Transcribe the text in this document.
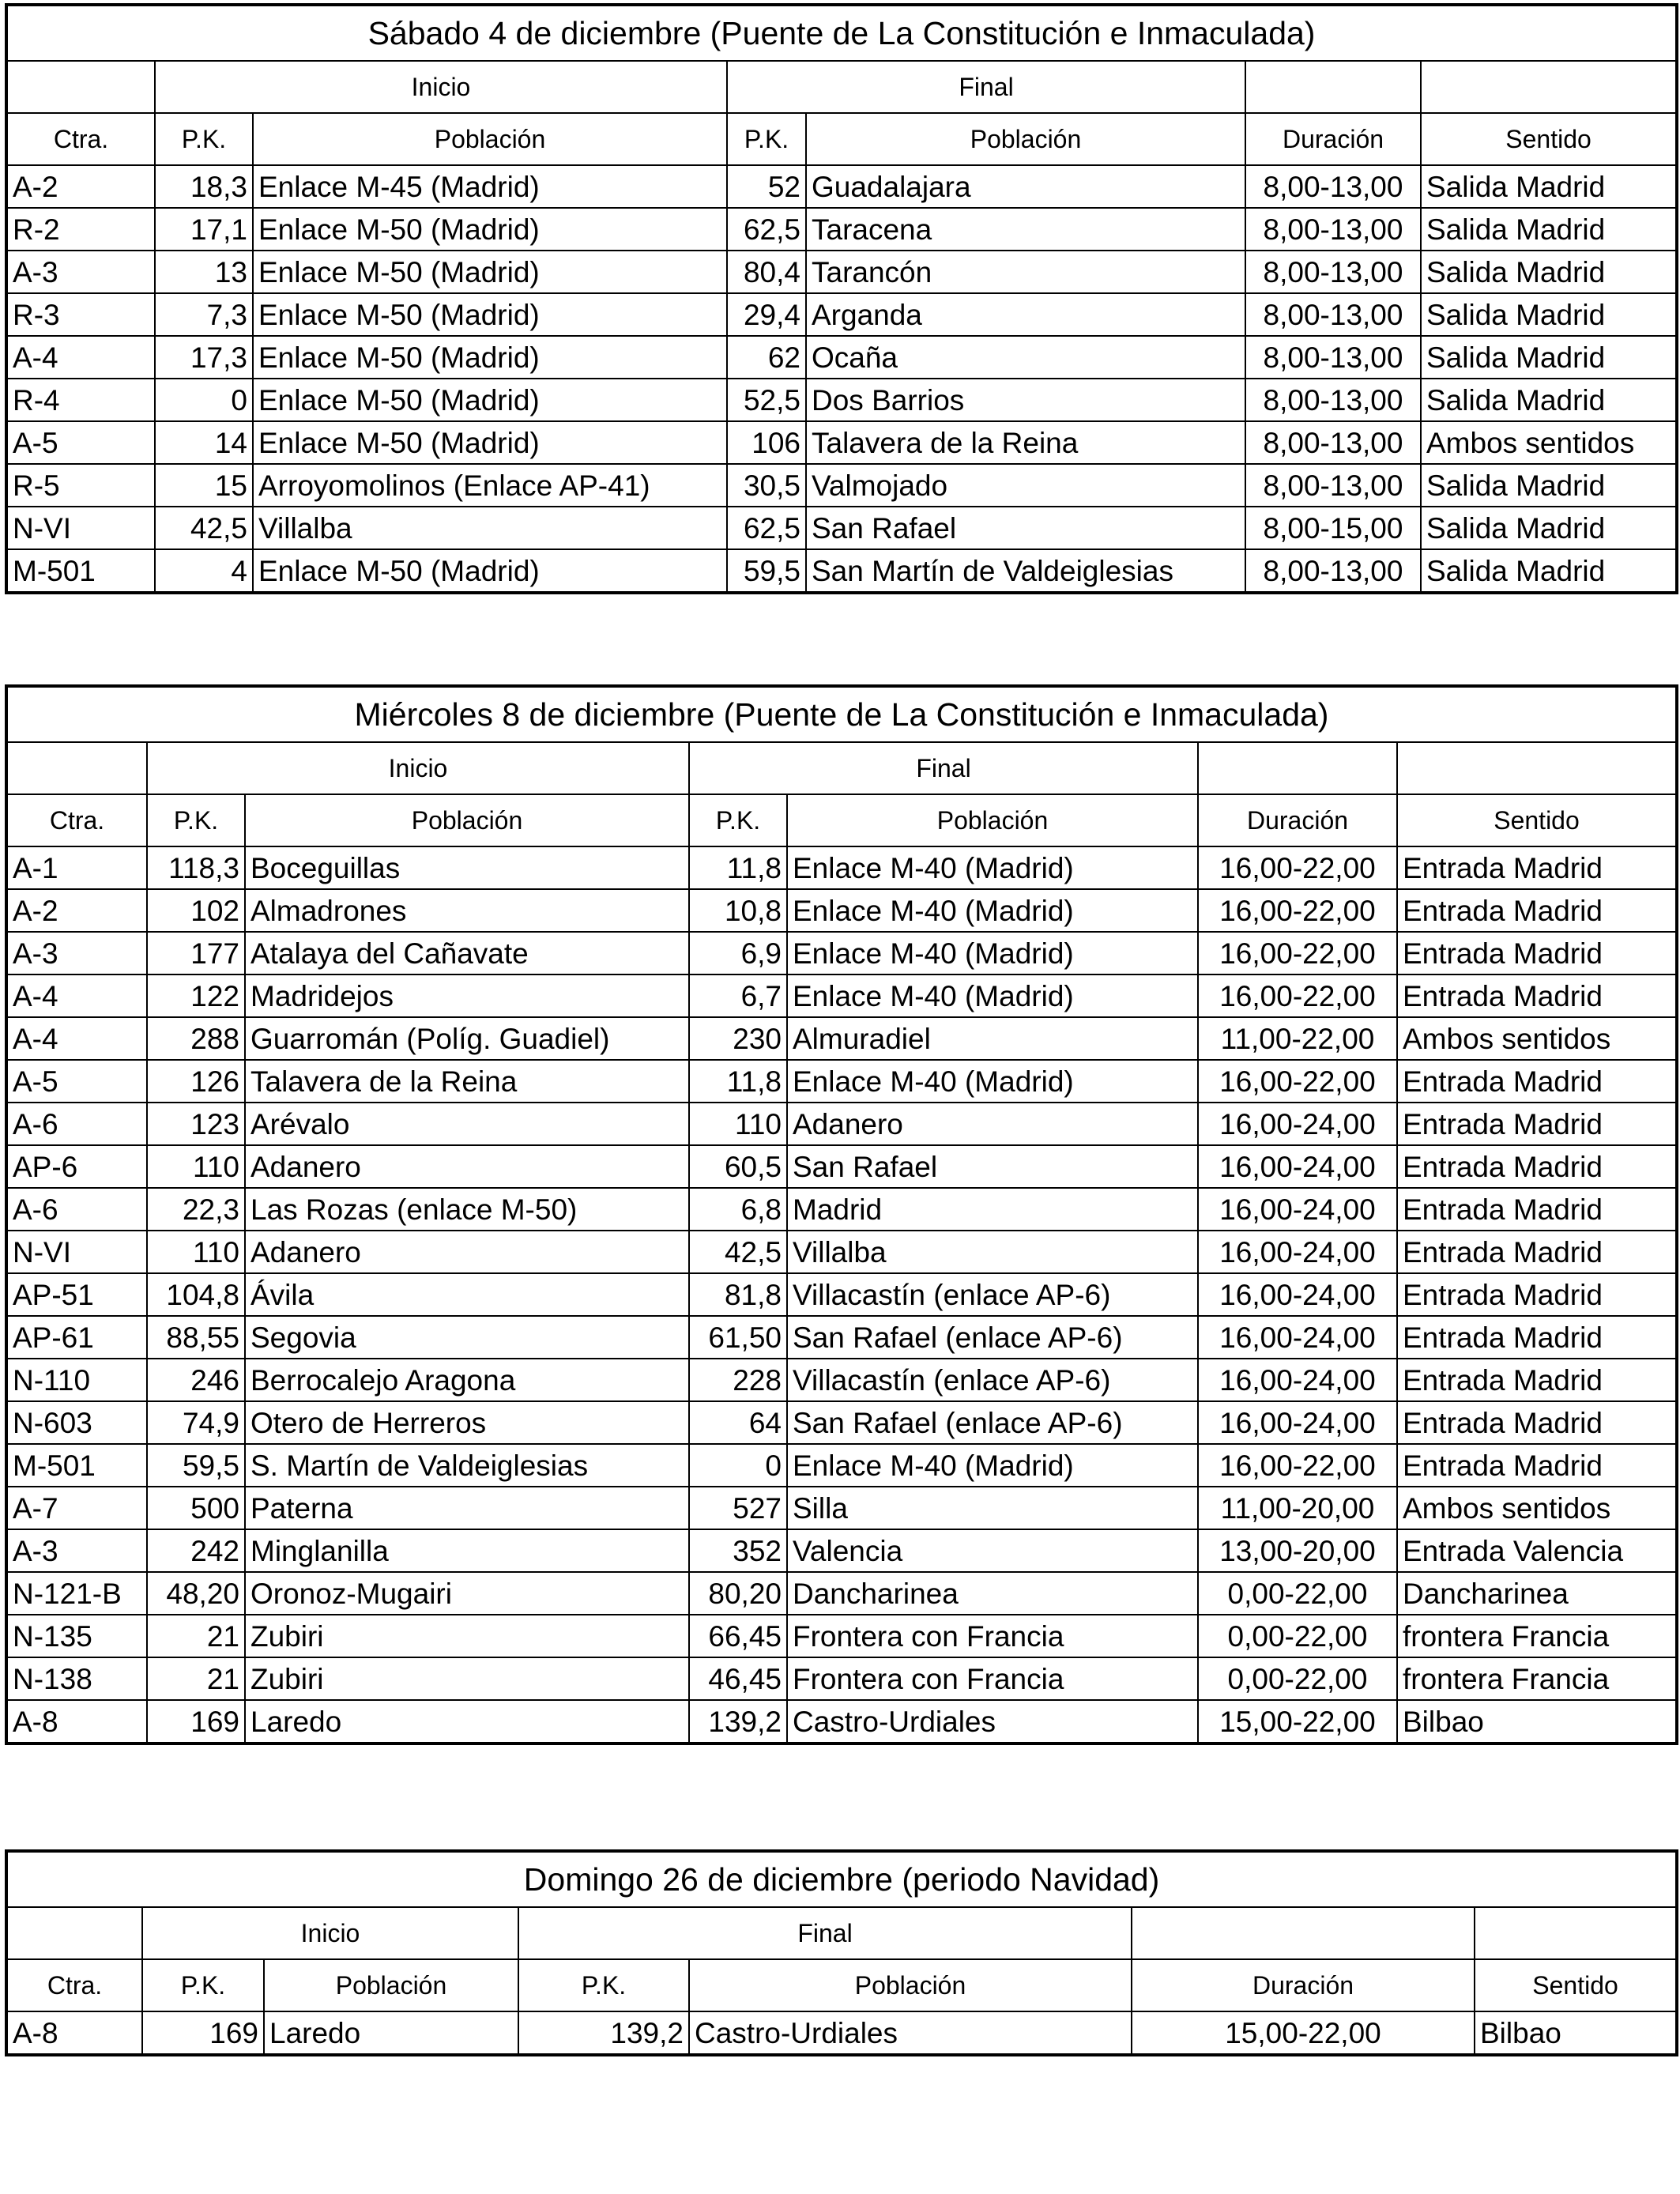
Sábado 4 de diciembre (Puente de La Constitución e Inmaculada)						
	Inicio		Final			
Ctra.	P.K.	Población	P.K.	Población	Duración	Sentido
A-2	18,3	Enlace M-45 (Madrid)	52	Guadalajara	8,00-13,00	Salida Madrid
R-2	17,1	Enlace M-50 (Madrid)	62,5	Taracena	8,00-13,00	Salida Madrid
A-3	13	Enlace M-50 (Madrid)	80,4	Tarancón	8,00-13,00	Salida Madrid
R-3	7,3	Enlace M-50 (Madrid)	29,4	Arganda	8,00-13,00	Salida Madrid
A-4	17,3	Enlace M-50 (Madrid)	62	Ocaña	8,00-13,00	Salida Madrid
R-4	0	Enlace M-50 (Madrid)	52,5	Dos Barrios	8,00-13,00	Salida Madrid
A-5	14	Enlace M-50 (Madrid)	106	Talavera de la Reina	8,00-13,00	Ambos sentidos
R-5	15	Arroyomolinos (Enlace AP-41)	30,5	Valmojado	8,00-13,00	Salida Madrid
N-VI	42,5	Villalba	62,5	San Rafael	8,00-15,00	Salida Madrid
M-501	4	Enlace M-50 (Madrid)	59,5	San Martín de Valdeiglesias	8,00-13,00	Salida Madrid
Miércoles 8 de diciembre (Puente de La Constitución e Inmaculada)						
	Inicio		Final			
Ctra.	P.K.	Población	P.K.	Población	Duración	Sentido
A-1	118,3	Boceguillas	11,8	Enlace M-40 (Madrid)	16,00-22,00	Entrada Madrid
A-2	102	Almadrones	10,8	Enlace M-40 (Madrid)	16,00-22,00	Entrada Madrid
A-3	177	Atalaya del Cañavate	6,9	Enlace M-40 (Madrid)	16,00-22,00	Entrada Madrid
A-4	122	Madridejos	6,7	Enlace M-40 (Madrid)	16,00-22,00	Entrada Madrid
A-4	288	Guarromán (Políg. Guadiel)	230	Almuradiel	11,00-22,00	Ambos sentidos
A-5	126	Talavera de la Reina	11,8	Enlace M-40 (Madrid)	16,00-22,00	Entrada Madrid
A-6	123	Arévalo	110	Adanero	16,00-24,00	Entrada Madrid
AP-6	110	Adanero	60,5	San Rafael	16,00-24,00	Entrada Madrid
A-6	22,3	Las Rozas (enlace M-50)	6,8	Madrid	16,00-24,00	Entrada Madrid
N-VI	110	Adanero	42,5	Villalba	16,00-24,00	Entrada Madrid
AP-51	104,8	Ávila	81,8	Villacastín (enlace AP-6)	16,00-24,00	Entrada Madrid
AP-61	88,55	Segovia	61,50	San Rafael (enlace AP-6)	16,00-24,00	Entrada Madrid
N-110	246	Berrocalejo Aragona	228	Villacastín (enlace AP-6)	16,00-24,00	Entrada Madrid
N-603	74,9	Otero de Herreros	64	San Rafael (enlace AP-6)	16,00-24,00	Entrada Madrid
M-501	59,5	S. Martín de Valdeiglesias	0	Enlace M-40 (Madrid)	16,00-22,00	Entrada Madrid
A-7	500	Paterna	527	Silla	11,00-20,00	Ambos sentidos
A-3	242	Minglanilla	352	Valencia	13,00-20,00	Entrada Valencia
N-121-B	48,20	Oronoz-Mugairi	80,20	Dancharinea	0,00-22,00	Dancharinea
N-135	21	Zubiri	66,45	Frontera con Francia	0,00-22,00	frontera Francia
N-138	21	Zubiri	46,45	Frontera con Francia	0,00-22,00	frontera Francia
A-8	169	Laredo	139,2	Castro-Urdiales	15,00-22,00	Bilbao
Domingo 26 de diciembre (periodo Navidad)						
	Inicio		Final			
Ctra.	P.K.	Población	P.K.	Población	Duración	Sentido
A-8	169	Laredo	139,2	Castro-Urdiales	15,00-22,00	Bilbao
